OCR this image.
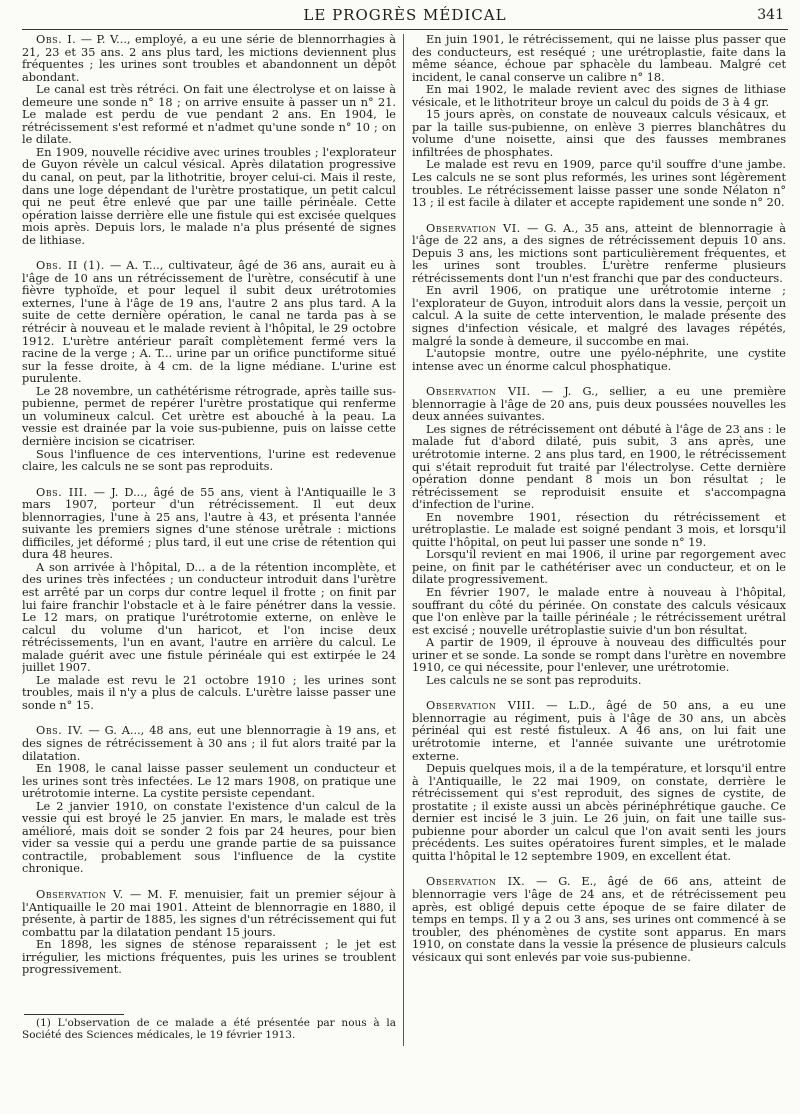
LE PROGRÈS MÉDICAL	341

Obs. I. — P. V..., employé, a eu une série de blennorrhagies à 21, 23 et 35 ans. 2 ans plus tard, les mictions deviennent plus fréquentes ; les urines sont troubles et abandonnent un dépôt abondant.

Le canal est très rétréci. On fait une électrolyse et on laisse à demeure une sonde n° 18 ; on arrive ensuite à passer un n° 21. Le malade est perdu de vue pendant 2 ans. En 1904, le rétrécissement s'est reformé et n'admet qu'une sonde n° 10 ; on le dilate.

En 1909, nouvelle récidive avec urines troubles ; l'explorateur de Guyon révèle un calcul vésical. Après dilatation progressive du canal, on peut, par la lithotritie, broyer celui-ci. Mais il reste, dans une loge dépendant de l'urètre prostatique, un petit calcul qui ne peut être enlevé que par une taille périnéale. Cette opération laisse derrière elle une fistule qui est excisée quelques mois après. Depuis lors, le malade n'a plus présenté de signes de lithiase.

Obs. II (1). — A. T..., cultivateur, âgé de 36 ans, aurait eu à l'âge de 10 ans un rétrécissement de l'urètre, consécutif à une fièvre typhoïde, et pour lequel il subit deux urétrotomies externes, l'une à l'âge de 19 ans, l'autre 2 ans plus tard. A la suite de cette dernière opération, le canal ne tarda pas à se rétrécir à nouveau et le malade revient à l'hôpital, le 29 octobre 1912. L'urètre antérieur paraît complètement fermé vers la racine de la verge ; A. T... urine par un orifice punctiforme situé sur la fesse droite, à 4 cm. de la ligne médiane. L'urine est purulente.

Le 28 novembre, un cathétérisme rétrograde, après taille sus-pubienne, permet de repérer l'urètre prostatique qui renferme un volumineux calcul. Cet urètre est abouché à la peau. La vessie est drainée par la voie sus-pubienne, puis on laisse cette dernière incision se cicatriser.

Sous l'influence de ces interventions, l'urine est redevenue claire, les calculs ne se sont pas reproduits.

Obs. III. — J. D..., âgé de 55 ans, vient à l'Antiquaille le 3 mars 1907, porteur d'un rétrécissement. Il eut deux blennorragies, l'une à 25 ans, l'autre à 43, et présenta l'année suivante les premiers signes d'une sténose urétrale : mictions difficiles, jet déformé ; plus tard, il eut une crise de rétention qui dura 48 heures.

A son arrivée à l'hôpital, D... a de la rétention incomplète, et des urines très infectées ; un conducteur introduit dans l'urètre est arrêté par un corps dur contre lequel il frotte ; on finit par lui faire franchir l'obstacle et à le faire pénétrer dans la vessie. Le 12 mars, on pratique l'urétrotomie externe, on enlève le calcul du volume d'un haricot, et l'on incise deux rétrécissements, l'un en avant, l'autre en arrière du calcul. Le malade guérit avec une fistule périnéale qui est extirpée le 24 juillet 1907.

Le malade est revu le 21 octobre 1910 ; les urines sont troubles, mais il n'y a plus de calculs. L'urètre laisse passer une sonde n° 15.

Obs. IV. — G. A..., 48 ans, eut une blennorragie à 19 ans, et des signes de rétrécissement à 30 ans ; il fut alors traité par la dilatation.

En 1908, le canal laisse passer seulement un conducteur et les urines sont très infectées. Le 12 mars 1908, on pratique une urétrotomie interne. La cystite persiste cependant.

Le 2 janvier 1910, on constate l'existence d'un calcul de la vessie qui est broyé le 25 janvier. En mars, le malade est très amélioré, mais doit se sonder 2 fois par 24 heures, pour bien vider sa vessie qui a perdu une grande partie de sa puissance contractile, probablement sous l'influence de la cystite chronique.

Observation V. — M. F. menuisier, fait un premier séjour à l'Antiquaille le 20 mai 1901. Atteint de blennorragie en 1880, il présente, à partir de 1885, les signes d'un rétrécissement qui fut combattu par la dilatation pendant 15 jours.

En 1898, les signes de sténose reparaissent ; le jet est irrégulier, les mictions fréquentes, puis les urines se troublent progressivement.

En juin 1901, le rétrécissement, qui ne laisse plus passer que des conducteurs, est reséqué ; une urétroplastie, faite dans la même séance, échoue par sphacèle du lambeau. Malgré cet incident, le canal conserve un calibre n° 18.

En mai 1902, le malade revient avec des signes de lithiase vésicale, et le lithotriteur broye un calcul du poids de 3 à 4 gr.

15 jours après, on constate de nouveaux calculs vésicaux, et par la taille sus-pubienne, on enlève 3 pierres blanchâtres du volume d'une noisette, ainsi que des fausses membranes infiltrées de phosphates.

Le malade est revu en 1909, parce qu'il souffre d'une jambe. Les calculs ne se sont plus reformés, les urines sont légèrement troubles. Le rétrécissement laisse passer une sonde Nélaton n° 13 ; il est facile à dilater et accepte rapidement une sonde n° 20.

Observation VI. — G. A., 35 ans, atteint de blennorragie à l'âge de 22 ans, a des signes de rétrécissement depuis 10 ans. Depuis 3 ans, les mictions sont particulièrement fréquentes, et les urines sont troubles. L'urètre renferme plusieurs rétrécissements dont l'un n'est franchi que par des conducteurs.

En avril 1906, on pratique une urétrotomie interne ; l'explorateur de Guyon, introduit alors dans la vessie, perçoit un calcul. A la suite de cette intervention, le malade présente des signes d'infection vésicale, et malgré des lavages répétés, malgré la sonde à demeure, il succombe en mai.

L'autopsie montre, outre une pyélo-néphrite, une cystite intense avec un énorme calcul phosphatique.

Observation VII. — J. G., sellier, a eu une première blennorragie à l'âge de 20 ans, puis deux poussées nouvelles les deux années suivantes.

Les signes de rétrécissement ont débuté à l'âge de 23 ans : le malade fut d'abord dilaté, puis subit, 3 ans après, une urétrotomie interne. 2 ans plus tard, en 1900, le rétrécissement qui s'était reproduit fut traité par l'électrolyse. Cette dernière opération donne pendant 8 mois un bon résultat ; le rétrécissement se reproduisit ensuite et s'accompagna d'infection de l'urine.

En novembre 1901, résection du rétrécissement et urétroplastie. Le malade est soigné pendant 3 mois, et lorsqu'il quitte l'hôpital, on peut lui passer une sonde n° 19.

Lorsqu'il revient en mai 1906, il urine par regorgement avec peine, on finit par le cathétériser avec un conducteur, et on le dilate progressivement.

En février 1907, le malade entre à nouveau à l'hôpital, souffrant du côté du périnée. On constate des calculs vésicaux que l'on enlève par la taille périnéale ; le rétrécissement urétral est excisé ; nouvelle urétroplastie suivie d'un bon résultat.

A partir de 1909, il éprouve à nouveau des difficultés pour uriner et se sonde. La sonde se rompt dans l'urètre en novembre 1910, ce qui nécessite, pour l'enlever, une urétrotomie.

Les calculs ne se sont pas reproduits.

Observation VIII. — L.D., âgé de 50 ans, a eu une blennorragie au régiment, puis à l'âge de 30 ans, un abcès périnéal qui est resté fistuleux. A 46 ans, on lui fait une urétrotomie interne, et l'année suivante une urétrotomie externe.

Depuis quelques mois, il a de la température, et lorsqu'il entre à l'Antiquaille, le 22 mai 1909, on constate, derrière le rétrécissement qui s'est reproduit, des signes de cystite, de prostatite ; il existe aussi un abcès périnéphrétique gauche. Ce dernier est incisé le 3 juin. Le 26 juin, on fait une taille sus-pubienne pour aborder un calcul que l'on avait senti les jours précédents. Les suites opératoires furent simples, et le malade quitta l'hôpital le 12 septembre 1909, en excellent état.

Observation IX. — G. E., âgé de 66 ans, atteint de blennorragie vers l'âge de 24 ans, et de rétrécissement peu après, est obligé depuis cette époque de se faire dilater de temps en temps. Il y a 2 ou 3 ans, ses urines ont commencé à se troubler, des phénomènes de cystite sont apparus. En mars 1910, on constate dans la vessie la présence de plusieurs calculs vésicaux qui sont enlevés par voie sus-pubienne.

(1) L'observation de ce malade a été présentée par nous à la Société des Sciences médicales, le 19 février 1913.
